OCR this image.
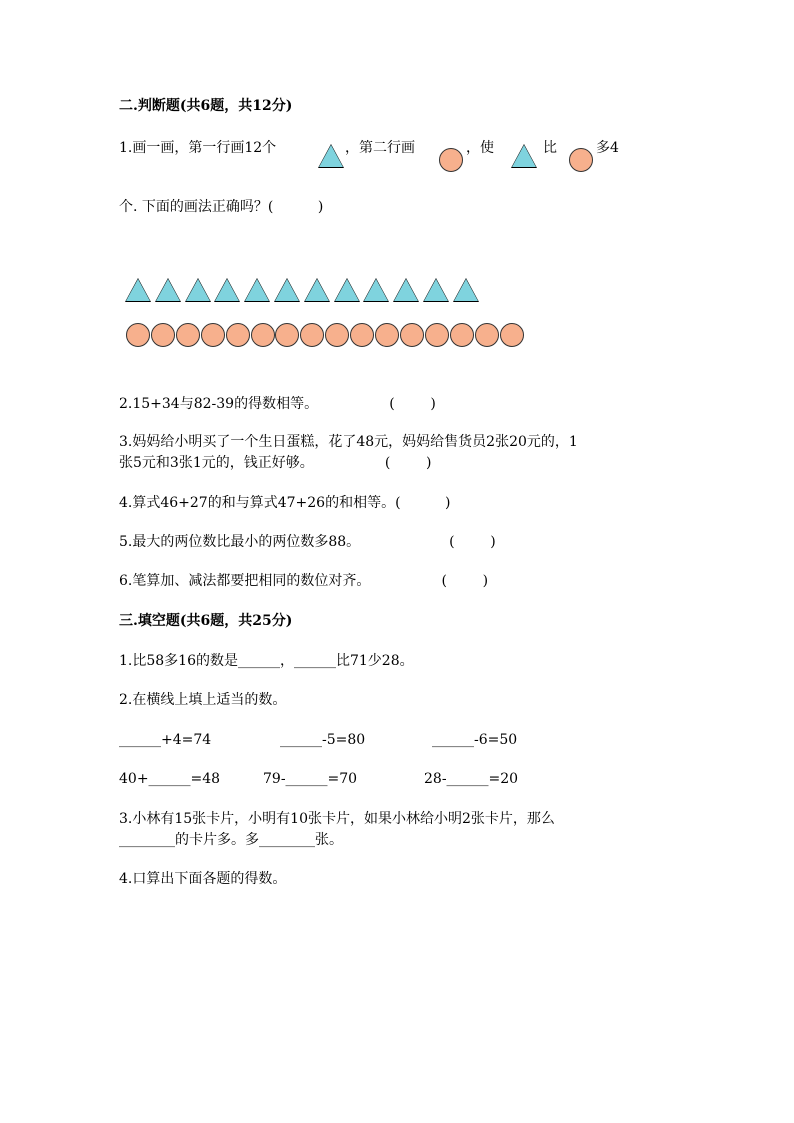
二.判断题(共6题，共12分)
1.画一画，第一行画12个	，第二行画	，使	比	多4
个. 下面的画法正确吗？(          )
2.15+34与82-39的得数相等。                (        )
3.妈妈给小明买了一个生日蛋糕，花了48元，妈妈给售货员2张20元的，1
张5元和3张1元的，钱正好够。                (        )
4.算式46+27的和与算式47+26的和相等。(          )
5.最大的两位数比最小的两位数多88。                    (        )
6.笔算加、减法都要把相同的数位对齐。                (        )
三.填空题(共6题，共25分)
1.比58多16的数是______，______比71少28。
2.在横线上填上适当的数。
______+4=74	______-5=80	______-6=50
40+______=48	79-______=70	28-______=20
3.小林有15张卡片，小明有10张卡片，如果小林给小明2张卡片，那么
________的卡片多。多________张。
4.口算出下面各题的得数。
